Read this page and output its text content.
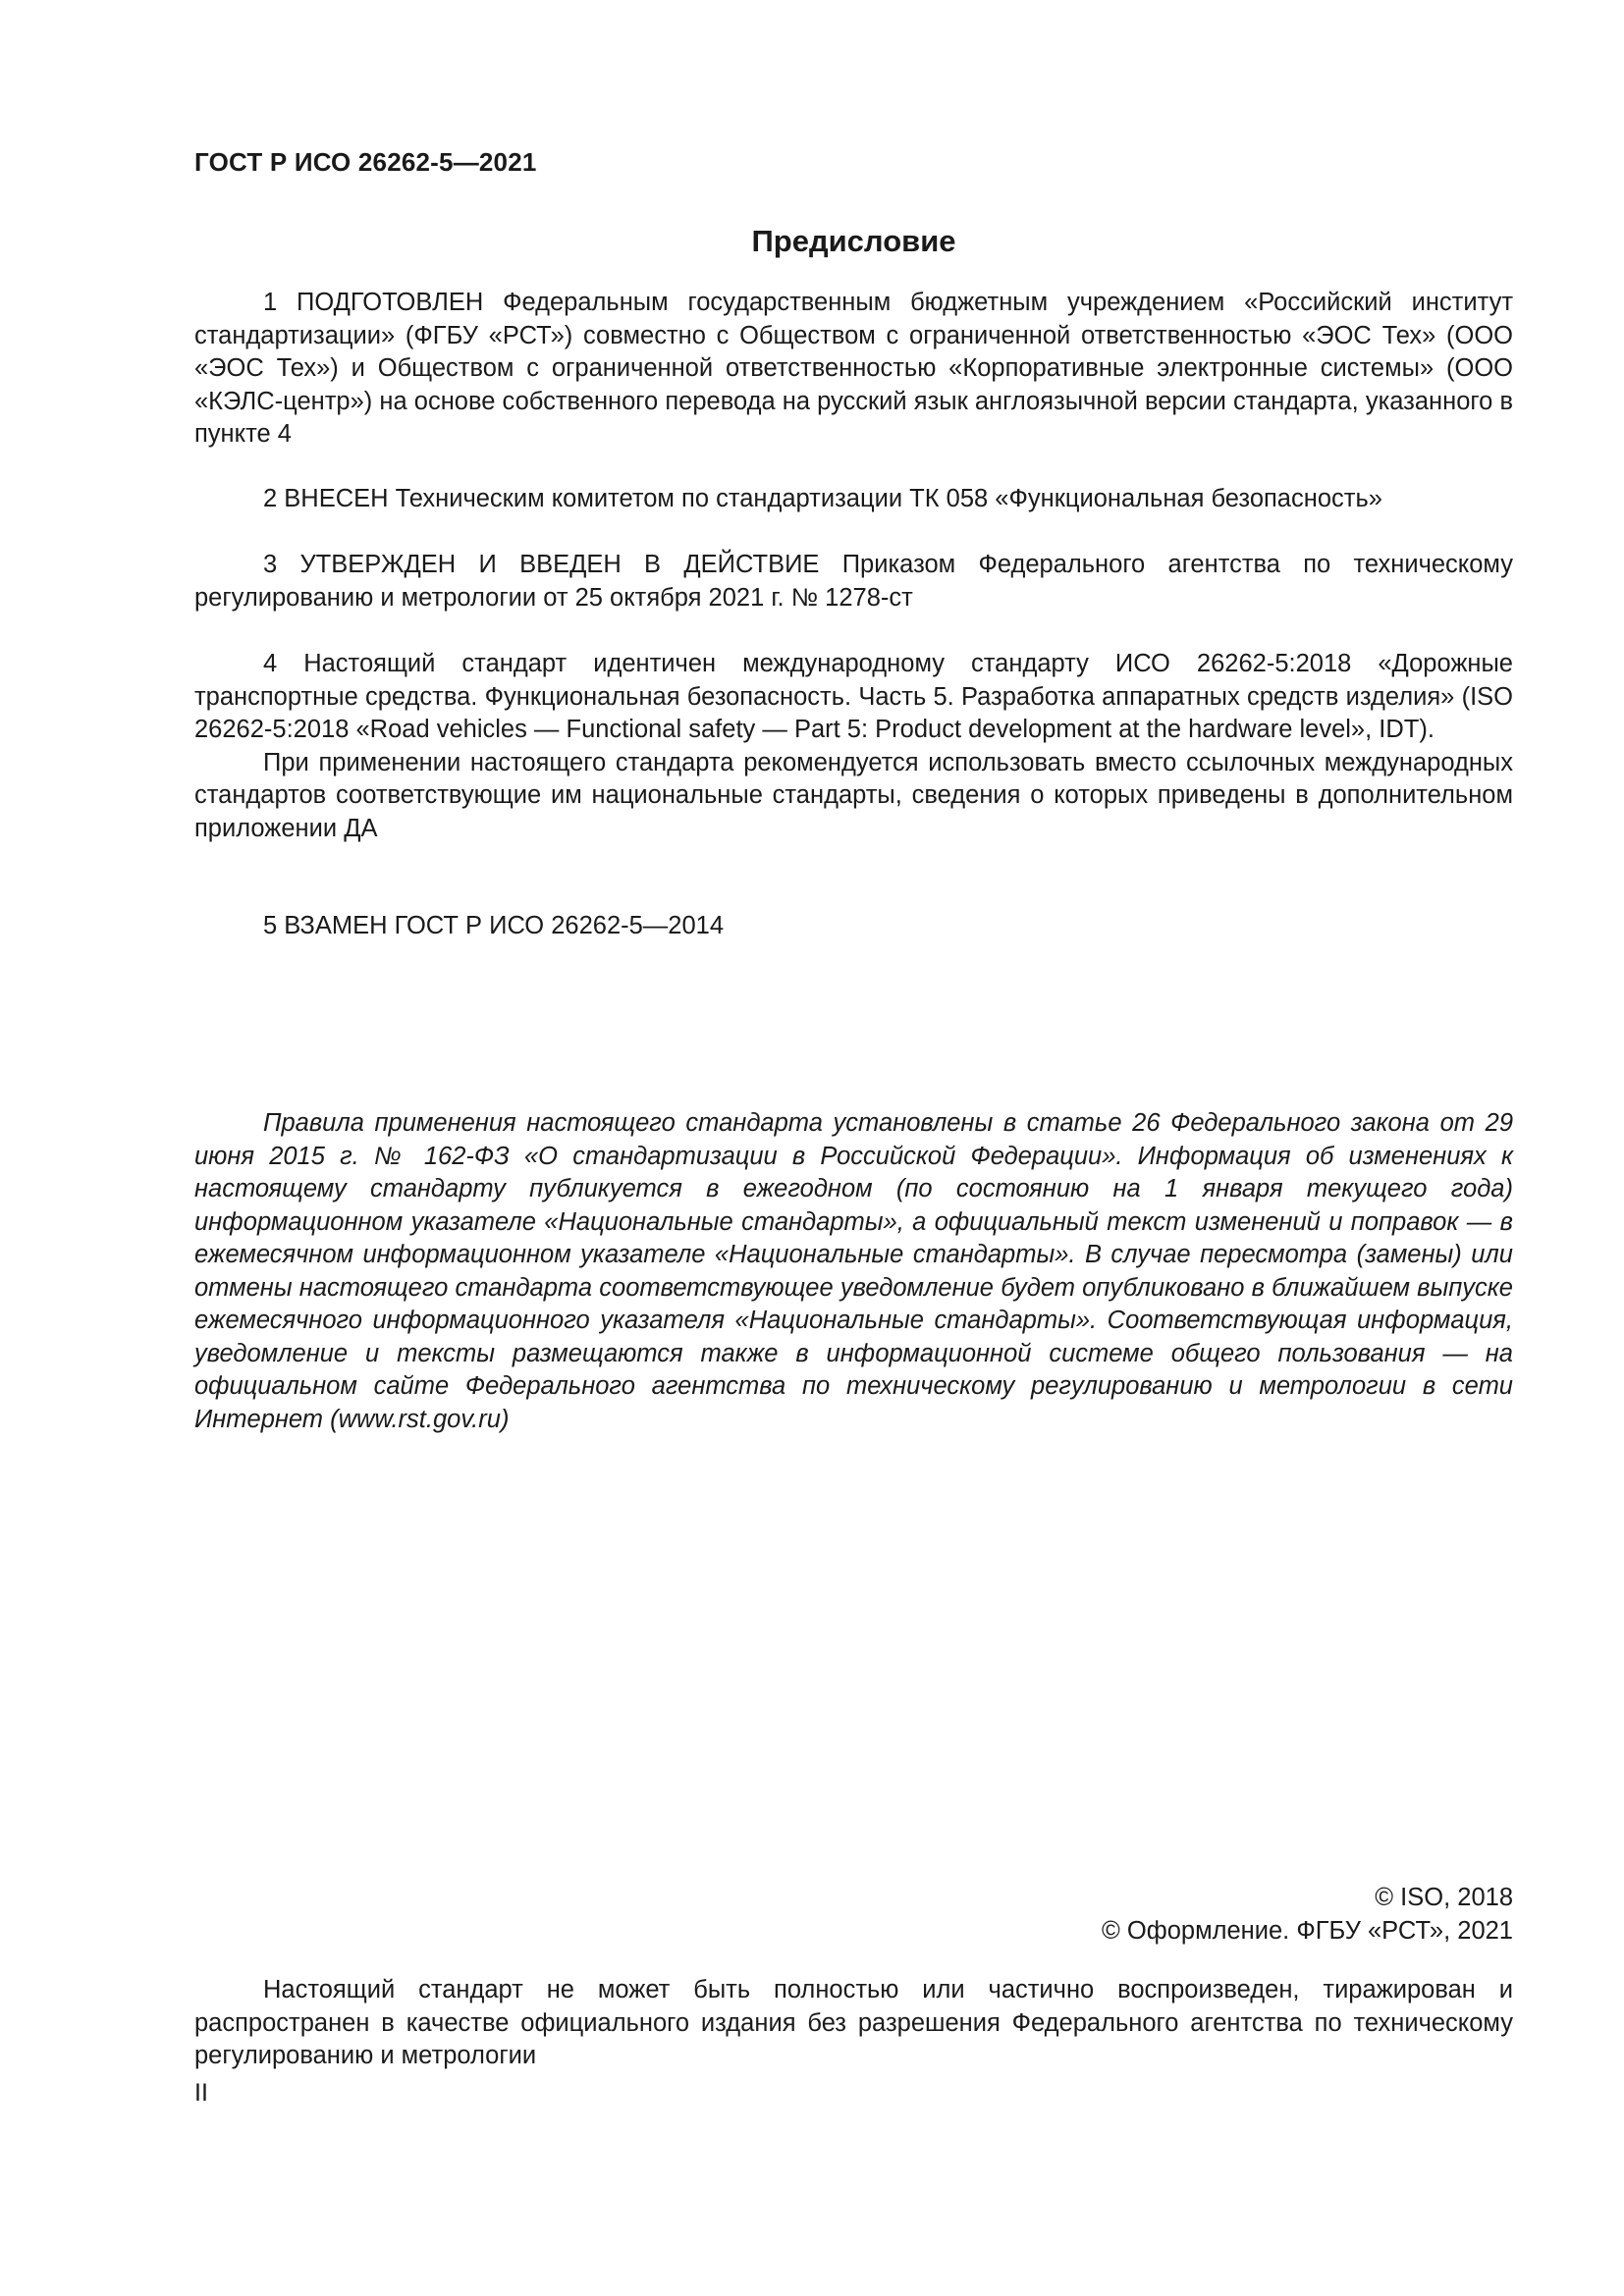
ГОСТ Р ИСО 26262-5—2021
Предисловие

1 ПОДГОТОВЛЕН Федеральным государственным бюджетным учреждением «Российский институт стандартизации» (ФГБУ «РСТ») совместно с Обществом с ограниченной ответственностью «ЭОС Тех» (ООО «ЭОС Тех») и Обществом с ограниченной ответственностью «Корпоративные электронные системы» (ООО «КЭЛС-центр») на основе собственного перевода на русский язык англоязычной версии стандарта, указанного в пункте 4

2 ВНЕСЕН Техническим комитетом по стандартизации ТК 058 «Функциональная безопасность»

3 УТВЕРЖДЕН И ВВЕДЕН В ДЕЙСТВИЕ Приказом Федерального агентства по техническому регулированию и метрологии от 25 октября 2021 г. № 1278-ст

4 Настоящий стандарт идентичен международному стандарту ИСО 26262-5:2018 «Дорожные транспортные средства. Функциональная безопасность. Часть 5. Разработка аппаратных средств изделия» (ISO 26262-5:2018 «Road vehicles — Functional safety — Part 5: Product development at the hardware level», IDT).

При применении настоящего стандарта рекомендуется использовать вместо ссылочных международных стандартов соответствующие им национальные стандарты, сведения о которых приведены в дополнительном приложении ДА

5 ВЗАМЕН ГОСТ Р ИСО 26262-5—2014

Правила применения настоящего стандарта установлены в статье 26 Федерального закона от 29 июня 2015 г. № 162-ФЗ «О стандартизации в Российской Федерации». Информация об изменениях к настоящему стандарту публикуется в ежегодном (по состоянию на 1 января текущего года) информационном указателе «Национальные стандарты», а официальный текст изменений и поправок — в ежемесячном информационном указателе «Национальные стандарты». В случае пересмотра (замены) или отмены настоящего стандарта соответствующее уведомление будет опубликовано в ближайшем выпуске ежемесячного информационного указателя «Национальные стандарты». Соответствующая информация, уведомление и тексты размещаются также в информационной системе общего пользования — на официальном сайте Федерального агентства по техническому регулированию и метрологии в сети Интернет (www.rst.gov.ru)

© ISO, 2018
© Оформление. ФГБУ «РСТ», 2021

Настоящий стандарт не может быть полностью или частично воспроизведен, тиражирован и распространен в качестве официального издания без разрешения Федерального агентства по техническому регулированию и метрологии

II
